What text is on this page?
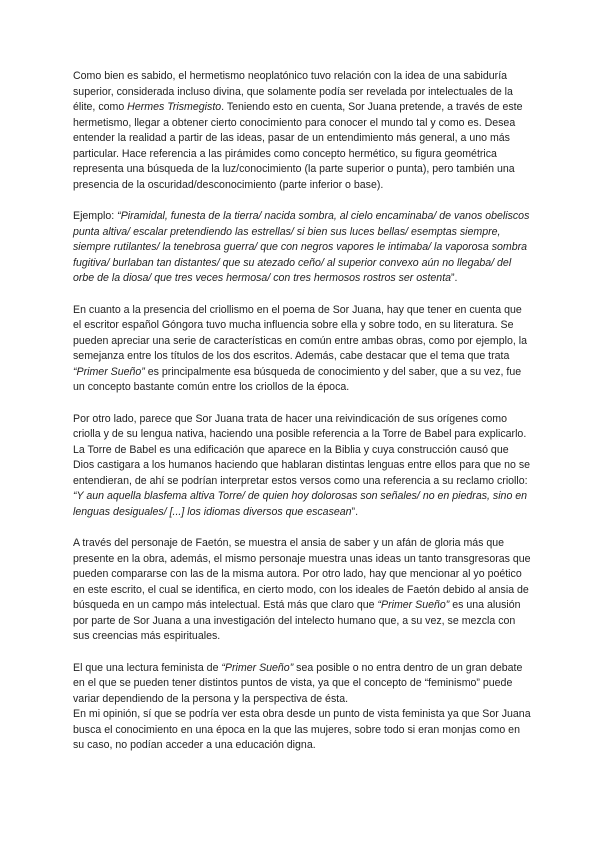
Como bien es sabido, el hermetismo neoplatónico tuvo relación con la idea de una sabiduría superior, considerada incluso divina, que solamente podía ser revelada por intelectuales de la élite, como Hermes Trismegisto. Teniendo esto en cuenta, Sor Juana pretende, a través de este hermetismo, llegar a obtener cierto conocimiento para conocer el mundo tal y como es. Desea entender la realidad a partir de las ideas, pasar de un entendimiento más general, a uno más particular. Hace referencia a las pirámides como concepto hermético, su figura geométrica representa una búsqueda de la luz/conocimiento (la parte superior o punta), pero también una presencia de la oscuridad/desconocimiento (parte inferior o base).

Ejemplo: “Piramidal, funesta de la tierra/ nacida sombra, al cielo encaminaba/ de vanos obeliscos punta altiva/ escalar pretendiendo las estrellas/ si bien sus luces bellas/ esemptas siempre, siempre rutilantes/ la tenebrosa guerra/ que con negros vapores le intimaba/ la vaporosa sombra fugitiva/ burlaban tan distantes/ que su atezado ceño/ al superior convexo aún no llegaba/ del orbe de la diosa/ que tres veces hermosa/ con tres hermosos rostros ser ostenta”.

En cuanto a la presencia del criollismo en el poema de Sor Juana, hay que tener en cuenta que el escritor español Góngora tuvo mucha influencia sobre ella y sobre todo, en su literatura. Se pueden apreciar una serie de características en común entre ambas obras, como por ejemplo, la semejanza entre los títulos de los dos escritos. Además, cabe destacar que el tema que trata “Primer Sueño” es principalmente esa búsqueda de conocimiento y del saber, que a su vez, fue un concepto bastante común entre los criollos de la época.

Por otro lado, parece que Sor Juana trata de hacer una reivindicación de sus orígenes como criolla y de su lengua nativa, haciendo una posible referencia a la Torre de Babel para explicarlo. La Torre de Babel es una edificación que aparece en la Biblia y cuya construcción causó que Dios castigara a los humanos haciendo que hablaran distintas lenguas entre ellos para que no se entendieran, de ahí se podrían interpretar estos versos como una referencia a su reclamo criollo: “Y aun aquella blasfema altiva Torre/ de quien hoy dolorosas son señales/ no en piedras, sino en lenguas desiguales/ [...] los idiomas diversos que escasean”.

A través del personaje de Faetón, se muestra el ansia de saber y un afán de gloria más que presente en la obra, además, el mismo personaje muestra unas ideas un tanto transgresoras que pueden compararse con las de la misma autora. Por otro lado, hay que mencionar al yo poético en este escrito, el cual se identifica, en cierto modo, con los ideales de Faetón debido al ansia de búsqueda en un campo más intelectual. Está más que claro que “Primer Sueño” es una alusión por parte de Sor Juana a una investigación del intelecto humano que, a su vez, se mezcla con sus creencias más espirituales.

El que una lectura feminista de “Primer Sueño” sea posible o no entra dentro de un gran debate en el que se pueden tener distintos puntos de vista, ya que el concepto de “feminismo” puede variar dependiendo de la persona y la perspectiva de ésta.

En mi opinión, sí que se podría ver esta obra desde un punto de vista feminista ya que Sor Juana busca el conocimiento en una época en la que las mujeres, sobre todo si eran monjas como en su caso, no podían acceder a una educación digna.
